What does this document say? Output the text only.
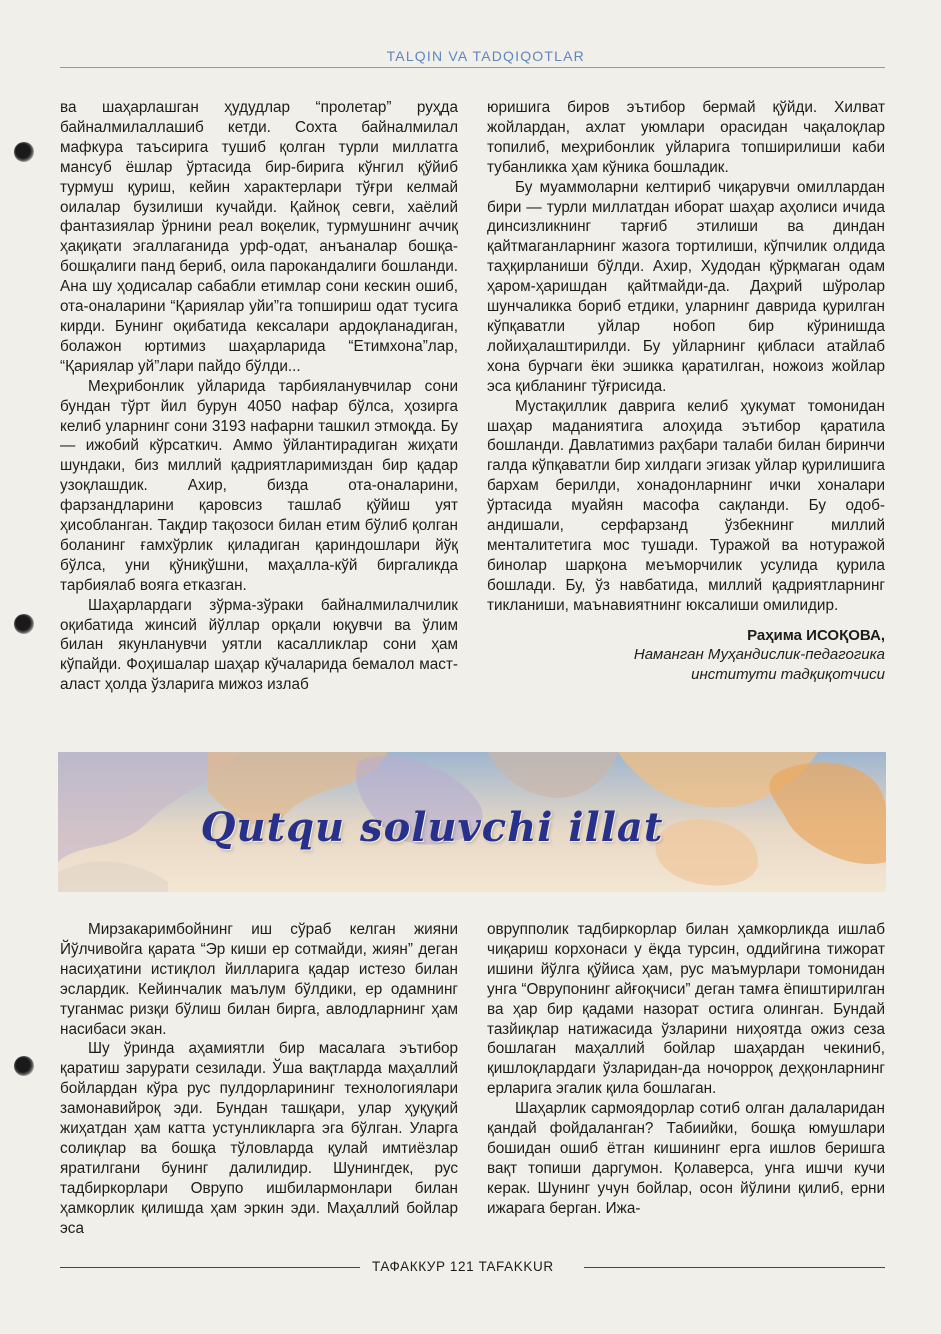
TALQIN VA TADQIQOTLAR

ва шаҳарлашган ҳудудлар “пролетар” руҳда байналмилаллашиб кетди. Сохта байналмилал мафкура таъсирига тушиб қолган турли миллатга мансуб ёшлар ўртасида бир-бирига кўнгил қўйиб турмуш қуриш, кейин характерлари тўғри келмай оилалар бузилиши кучайди. Қайноқ севги, хаёлий фантазиялар ўрнини реал воқелик, турмушнинг аччиқ ҳақиқати эгаллаганида урф-одат, анъаналар бошқа-бошқалиги панд бериб, оила парокандалиги бошланди. Ана шу ҳодисалар сабабли етимлар сони кескин ошиб, ота-оналарини “Қариялар уйи”га топшириш одат тусига кирди. Бунинг оқибатида кексалари ардоқланадиган, болажон юртимиз шаҳарларида “Етимхона”лар, “Қариялар уй”лари пайдо бўлди...

Меҳрибонлик уйларида тарбияланувчилар сони бундан тўрт йил бурун 4050 нафар бўлса, ҳозирга келиб уларнинг сони 3193 нафарни ташкил этмоқда. Бу — ижобий кўрсаткич. Аммо ўйлантирадиган жиҳати шундаки, биз миллий қадриятларимиздан бир қадар узоқлашдик. Ахир, бизда ота-оналарини, фарзандларини қаровсиз ташлаб қўйиш уят ҳисобланган. Тақдир тақозоси билан етим бўлиб қолган боланинг ғамхўрлик қиладиган қариндошлари йўқ бўлса, уни қўниқўшни, маҳалла-кўй биргаликда тарбиялаб воягa етказган.

Шаҳарлардаги зўрма-зўраки байналмилалчилик оқибатида жинсий йўллар орқали юқувчи ва ўлим билан якунланувчи уятли касалликлар сони ҳам кўпайди. Фоҳишалар шаҳар кўчаларида бемалол маст-аласт ҳолда ўзларига мижоз излаб

юришига биров эътибор бермай қўйди. Хилват жойлардан, ахлат уюмлари орасидан чақалоқлар топилиб, меҳрибонлик уйларига топширилиши каби тубанликка ҳам кўника бошладик.

Бу муаммоларни келтириб чиқарувчи омиллардан бири — турли миллатдан иборат шаҳар аҳолиси ичида динсизликнинг тарғиб этилиши ва диндан қайтмаганларнинг жазога тортилиши, кўпчилик олдида таҳқирланиши бўлди. Ахир, Худодан қўрқмаган одам ҳаром-ҳаришдан қайтмайди-да. Даҳрий шўролар шунчаликка бориб етдики, уларнинг даврида қурилган кўпқаватли уйлар нобоп бир кўринишда лойиҳалаштирилди. Бу уйларнинг қибласи атайлаб хона бурчаги ёки эшикка қаратилган, ножоиз жойлар эса қибланинг тўғрисида.

Мустақиллик даврига келиб ҳукумат томонидан шаҳар маданиятига алоҳида эътибор қаратила бошланди. Давлатимиз раҳбари талаби билан биринчи галда кўпқаватли бир хилдаги эгизак уйлар қурилишига бархам берилди, хонадонларнинг ички хоналари ўртасида муайян масофа сақланди. Бу одоб-андишали, серфарзанд ўзбекнинг миллий менталитетига мос тушади. Туражой ва нотуражой бинолар шарқона меъморчилик усулида қурила бошлади. Бу, ўз навбатида, миллий қадриятларнинг тикланиши, маънавиятнинг юксалиши омилидир.

Раҳима ИСОҚОВА,
Наманган Муҳандислик-педагогика
институти тадқиқотчиси
Qutqu soluvchi illat

Мирзакаримбойнинг иш сўраб келган жияни Йўлчивойга қарата “Эр киши ер сотмайди, жиян” деган насиҳатини истиқлол йилларига қадар истезо билан эслардик. Кейинчалик маълум бўлдики, ер одамнинг туганмас ризқи бўлиш билан бирга, авлодларнинг ҳам насибаси экан.

Шу ўринда аҳамиятли бир масалага эътибор қаратиш зарурати сезилади. Ўша вақтларда маҳаллий бойлардан кўра рус пулдорларининг технологиялари замонавийроқ эди. Бундан ташқари, улар ҳуқуқий жиҳатдан ҳам катта устунликларга эга бўлган. Уларга солиқлар ва бошқа тўловларда қулай имтиёзлар яратилгани бунинг далилидир. Шунингдек, рус тадбиркорлари Оврупо ишбилармонлари билан ҳамкорлик қилишда ҳам эркин эди. Маҳаллий бойлар эса

оврупполик тадбиркорлар билан ҳамкорликда ишлаб чиқариш корхонаси у ёқда турсин, оддийгина тижорат ишини йўлга қўйиса ҳам, рус маъмурлари томонидан унга “Оврупонинг айғоқчиси” деган тамға ёпиштирилган ва ҳар бир қадами назорат остига олинган. Бундай тазйиқлар натижасида ўзларини ниҳоятда ожиз сеза бошлаган маҳаллий бойлар шаҳардан чекиниб, қишлоқлардаги ўзларидан-да ночорроқ деҳқонларнинг ерларига эгалик қила бошлаган.

Шаҳарлик сармоядорлар сотиб олган далаларидан қандай фойдаланган? Табиийки, бошқа юмушлари бошидан ошиб ётган кишининг ерга ишлов беришга вақт топиши даргумон. Қолаверса, унга ишчи кучи керак. Шунинг учун бойлар, осон йўлини қилиб, ерни ижарага берган. Ижа-

ТАФАККУР 121 TAFAKKUR
